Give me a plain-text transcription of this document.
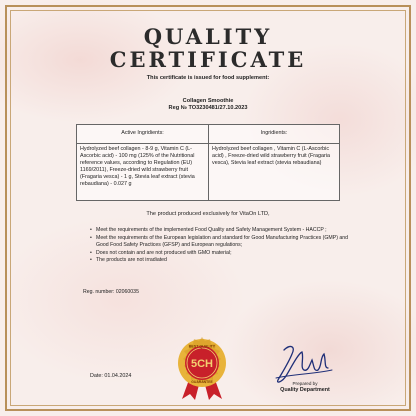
QUALITY
CERTIFICATE
This certificate is issued for food supplement:
Collagen Smoothie
Reg № TO3230481/27.10.2023
Active Ingridients:	Ingridients:
Hydrolyzed beef collagen - 8-9 g, Vitamin C (L-Ascorbic acid) - 100 mg (125% of the Nutritional reference values, according to Regulation (EU) 1169/2011), Freeze-dried wild strawberry fruit (Fragaria vesca) - 1 g, Stevia leaf extract (stevia rebaudiana) - 0.027 g	Hydrolyzed beef collagen , Vitamin C (L-Ascorbic acid) , Freeze-dried wild strawberry fruit (Fragaria vesca), Stevia leaf extract (stevia rebaudiana)
The product produced exclusively for VitaOn LTD,
• Meet the requirements of the implemented Food Quality and Safety Management System - HACCP ;
• Meet the requirements of the European legislation and standard for Good Manufacturing Practices (GMP) and Good Food Safety Practices (GFSP) and European regulations;
• Does not contain and are not produced with GMO material;
• The products are not irradiated
Reg. number: 02060035
Date: 01.04.2024
BEST QUALITY
5CH
GUARANTEE	Prepared by
Quality Department
